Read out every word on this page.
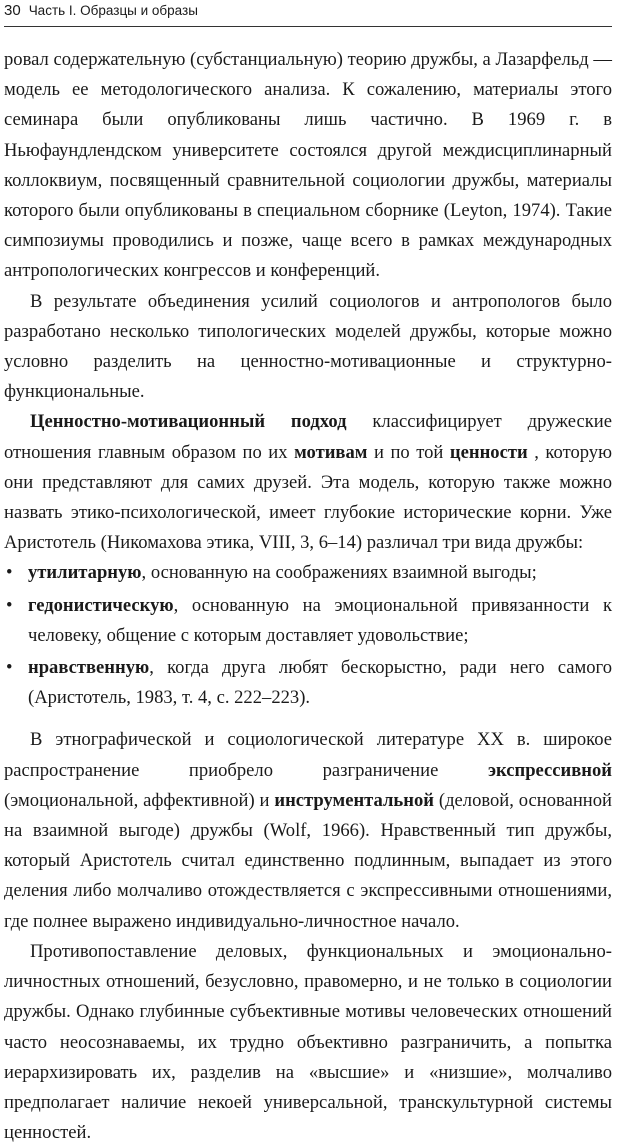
30 Часть I. Образцы и образы

ровал содержательную (субстанциальную) теорию дружбы, а Лазарфельд — модель ее методологического анализа. К сожалению, материалы этого семинара были опубликованы лишь частично. В 1969 г. в Ньюфаундлендском университете состоялся другой междисциплинарный коллоквиум, посвященный сравнительной социологии дружбы, материалы которого были опубликованы в специальном сборнике (Leyton, 1974). Такие симпозиумы проводились и позже, чаще всего в рамках международных антропологических конгрессов и конференций.

В результате объединения усилий социологов и антропологов было разработано несколько типологических моделей дружбы, которые можно условно разделить на ценностно-мотивационные и структурно-функциональные.

Ценностно-мотивационный подход классифицирует дружеские отношения главным образом по их мотивам и по той ценности , которую они представляют для самих друзей. Эта модель, которую также можно назвать этико-психологической, имеет глубокие исторические корни. Уже Аристотель (Никомахова этика, VIII, 3, 6–14) различал три вида дружбы:

• утилитарную, основанную на соображениях взаимной выгоды;
• гедонистическую, основанную на эмоциональной привязанности к человеку, общение с которым доставляет удовольствие;
• нравственную, когда друга любят бескорыстно, ради него самого (Аристотель, 1983, т. 4, с. 222–223).

В этнографической и социологической литературе XX в. широкое распространение приобрело разграничение экспрессивной (эмоциональной, аффективной) и инструментальной (деловой, основанной на взаимной выгоде) дружбы (Wolf, 1966). Нравственный тип дружбы, который Аристотель считал единственно подлинным, выпадает из этого деления либо молчаливо отождествляется с экспрессивными отношениями, где полнее выражено индивидуально-личностное начало.

Противопоставление деловых, функциональных и эмоционально-личностных отношений, безусловно, правомерно, и не только в социологии дружбы. Однако глубинные субъективные мотивы человеческих отношений часто неосознаваемы, их трудно объективно разграничить, а попытка иерархизировать их, разделив на «высшие» и «низшие», молчаливо предполагает наличие некоей универсальной, транскультурной системы ценностей.
